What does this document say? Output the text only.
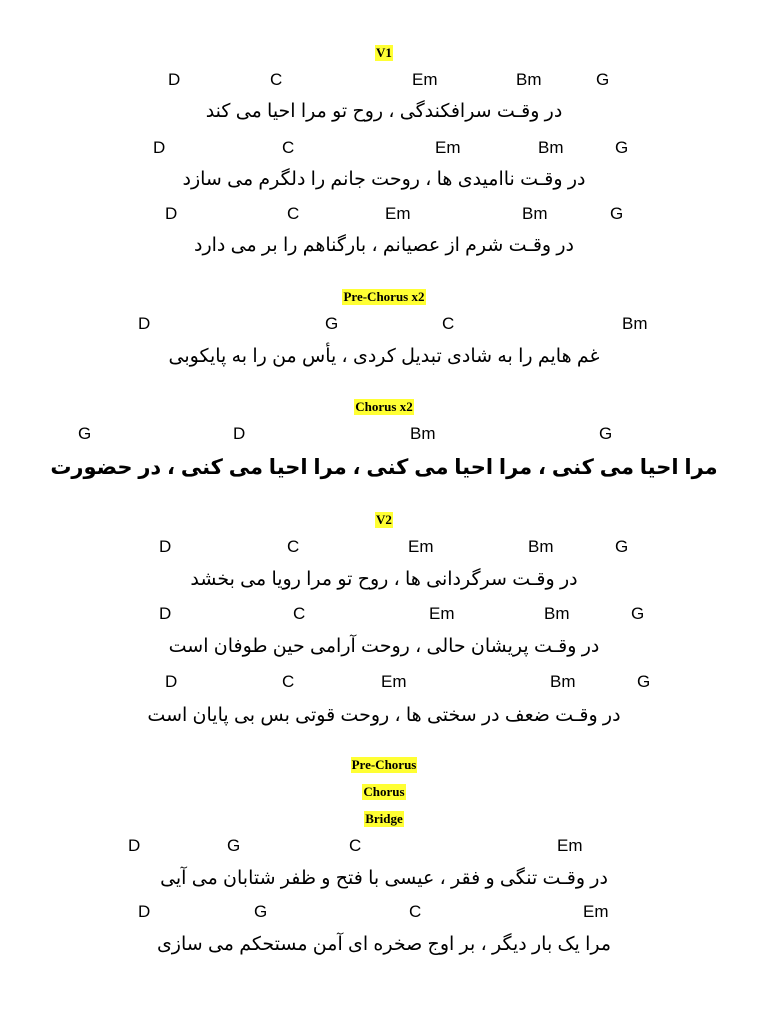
V1
Pre-Chorus x2
Chorus x2
V2
Pre-Chorus
Chorus
Bridge
D	C	Em	Bm	G
در وقـت سرافکندگی ، روح تو مرا احیا می کند
D	C	Em	Bm	G
در وقـت ناامیدی ها ، روحت جانم را دلگرم می سازد
D	C	Em	Bm	G
در وقـت شرم از عصیانم ، بارگناهم را بر می دارد
D	G	C	Bm
غم هایم را به شادی تبدیل کردی ، یأس من را به پایکوبی
G	D	Bm	G
مرا احیا می کنی ، مرا احیا می کنی ، مرا احیا می کنی ، در حضورت
D	C	Em	Bm	G
در وقـت سرگردانی ها ، روح تو مرا رویا می بخشد
D	C	Em	Bm	G
در وقـت پریشان حالی ، روحت آرامی حین طوفان است
D	C	Em	Bm	G
در وقـت ضعف در سختی ها ، روحت قوتی بس بی پایان است
D	G	C	Em
در وقـت تنگی و فقر ، عیسی با فتح و ظفر شتابان می آیی
D	G	C	Em
مرا یک بار دیگر ، بر اوج صخره ای آمن مستحکم می سازی
